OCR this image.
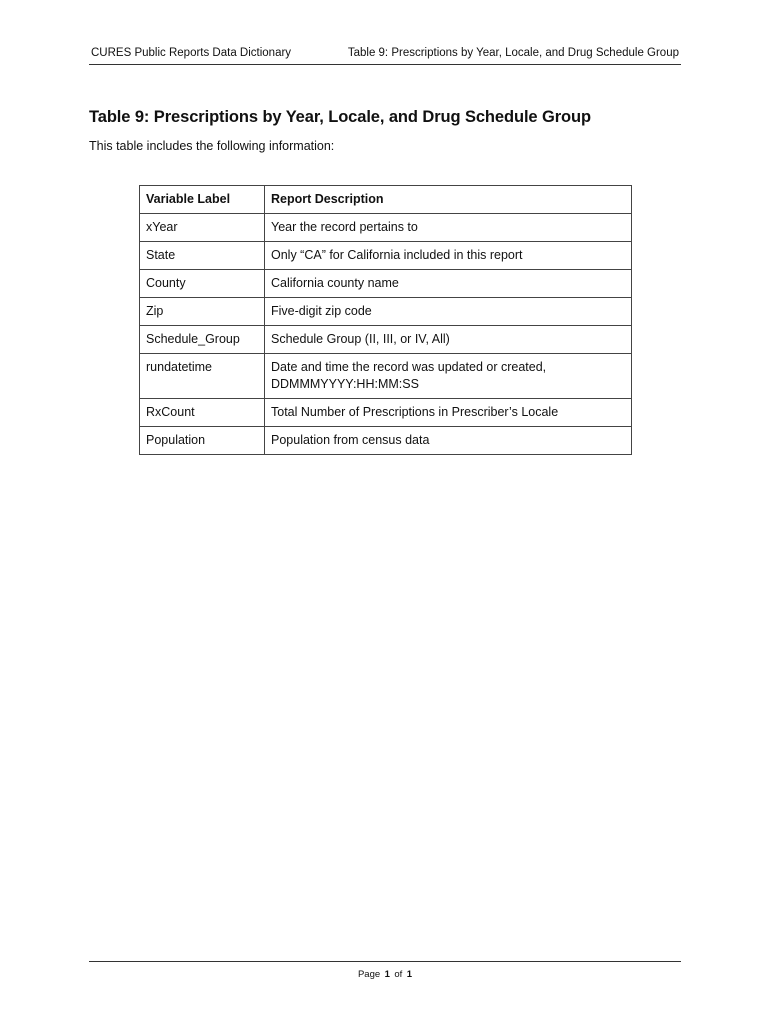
CURES Public Reports Data Dictionary	Table 9: Prescriptions by Year, Locale, and Drug Schedule Group
Table 9: Prescriptions by Year, Locale, and Drug Schedule Group
This table includes the following information:
Variable Label	Report Description
xYear	Year the record pertains to
State	Only “CA” for California included in this report
County	California county name
Zip	Five-digit zip code
Schedule_Group	Schedule Group (II, III, or IV, All)
rundatetime	Date and time the record was updated or created, DDMMMYYYY:HH:MM:SS
RxCount	Total Number of Prescriptions in Prescriber’s Locale
Population	Population from census data
Page 1 of 1
